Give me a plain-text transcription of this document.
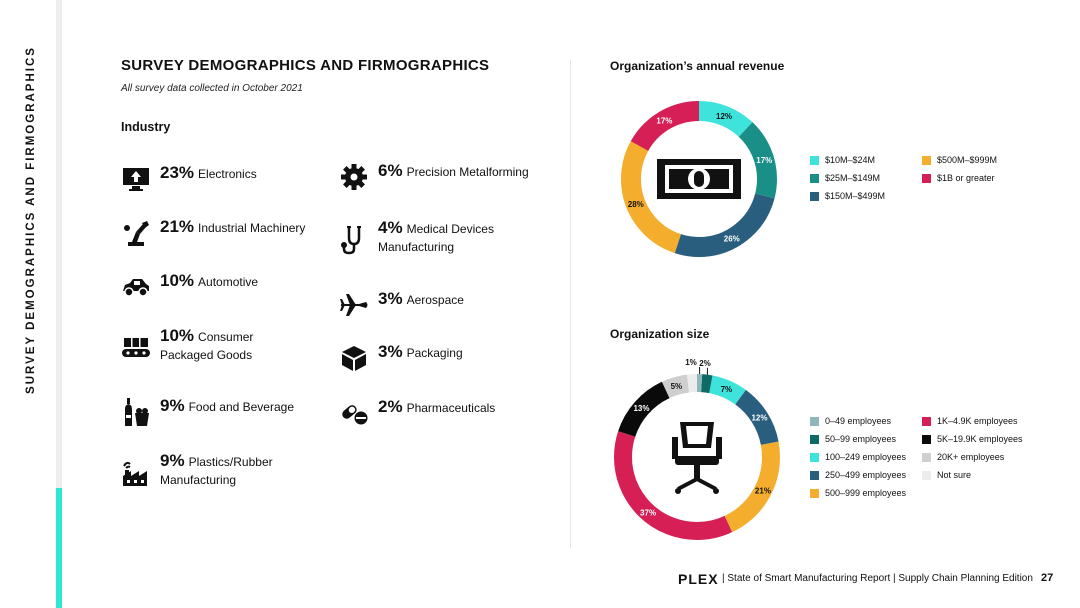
SURVEY DEMOGRAPHICS AND FIRMOGRAPHICS	SURVEY DEMOGRAPHICS AND FIRMOGRAPHICS
All survey data collected in October 2021
Industry
23% Electronics
21% Industrial Machinery
10% Automotive
10% Consumer
Packaged Goods
9% Food and Beverage
9% Plastics/Rubber
Manufacturing
6% Precision Metalforming
4% Medical Devices
Manufacturing
3% Aerospace
3% Packaging
2% Pharmaceuticals
Organization’s annual revenue
12%
17%
26%
28%
17%
$10M–$24M
$25M–$149M
$150M–$499M
$500M–$999M
$1B or greater
Organization size
1% 2%
7%
12%
21%
37%
13%
5%
0–49 employees
50–99 employees
100–249 employees
250–499 employees
500–999 employees
1K–4.9K employees
5K–19.9K employees
20K+ employees
Not sure
PLEX | State of Smart Manufacturing Report | Supply Chain Planning Edition 27
